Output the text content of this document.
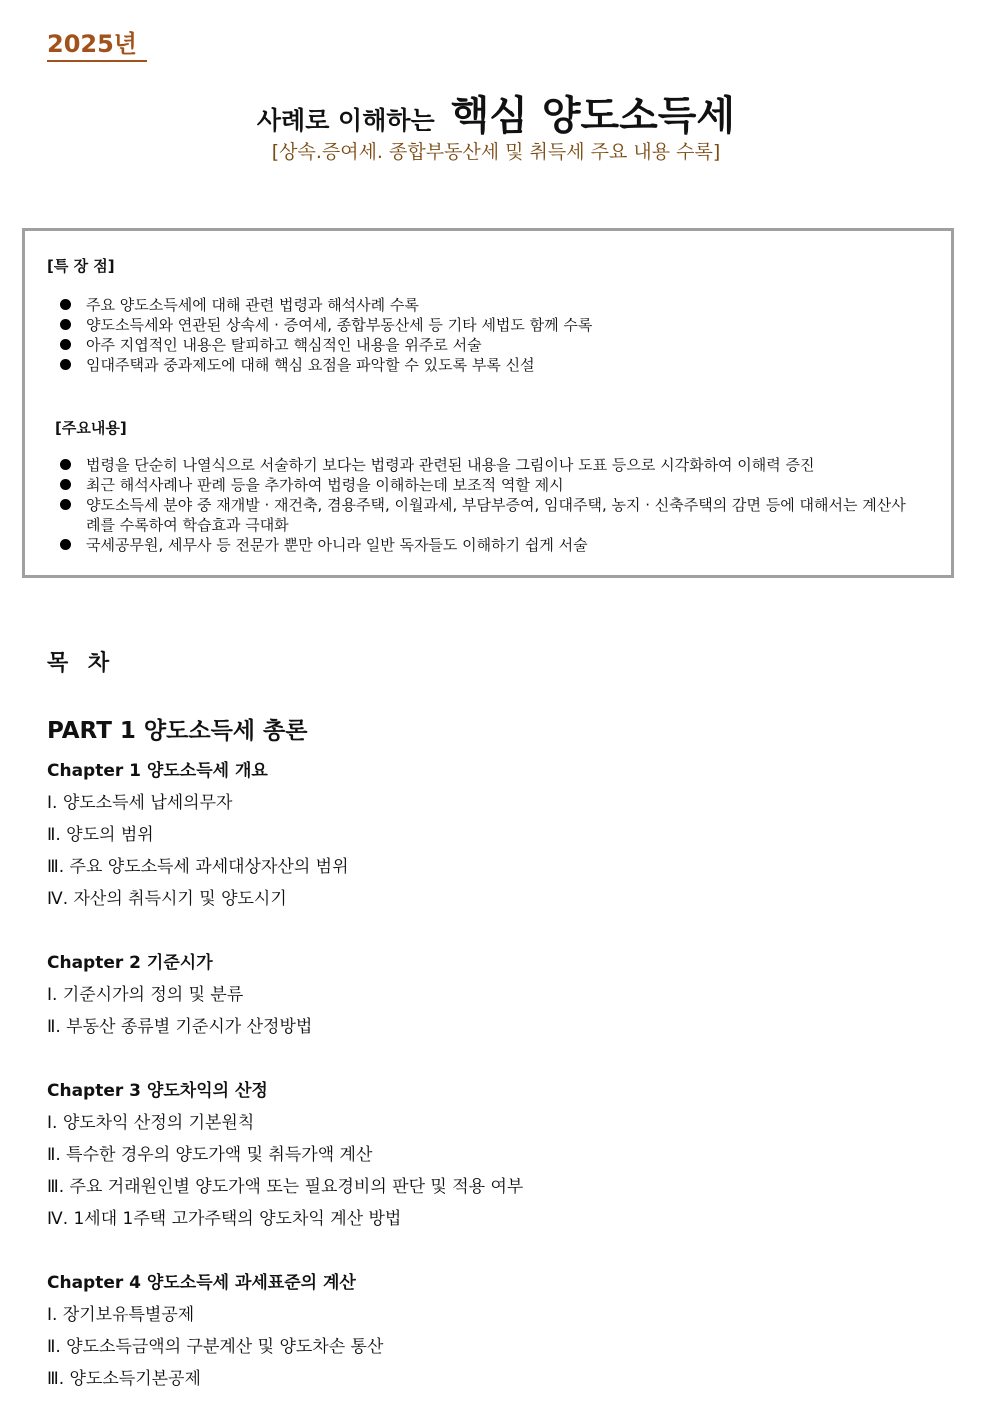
2025년
사례로 이해하는 핵심 양도소득세
[상속.증여세. 종합부동산세 및 취득세 주요 내용 수록]
[특 장 점]
주요 양도소득세에 대해 관련 법령과 해석사례 수록
양도소득세와 연관된 상속세 · 증여세, 종합부동산세 등 기타 세법도 함께 수록
아주 지엽적인 내용은 탈피하고 핵심적인 내용을 위주로 서술
임대주택과 중과제도에 대해 핵심 요점을 파악할 수 있도록 부록 신설
[주요내용]
법령을 단순히 나열식으로 서술하기 보다는 법령과 관련된 내용을 그림이나 도표 등으로 시각화하여 이해력 증진
최근 해석사례나 판례 등을 추가하여 법령을 이해하는데 보조적 역할 제시
양도소득세 분야 중 재개발 · 재건축, 겸용주택, 이월과세, 부담부증여, 임대주택, 농지 · 신축주택의 감면 등에 대해서는 계산사례를 수록하여 학습효과 극대화
국세공무원, 세무사 등 전문가 뿐만 아니라 일반 독자들도 이해하기 쉽게 서술
목 차
PART 1 양도소득세 총론
Chapter 1 양도소득세 개요
Ⅰ. 양도소득세 납세의무자
Ⅱ. 양도의 범위
Ⅲ. 주요 양도소득세 과세대상자산의 범위
Ⅳ. 자산의 취득시기 및 양도시기
Chapter 2 기준시가
Ⅰ. 기준시가의 정의 및 분류
Ⅱ. 부동산 종류별 기준시가 산정방법
Chapter 3 양도차익의 산정
Ⅰ. 양도차익 산정의 기본원칙
Ⅱ. 특수한 경우의 양도가액 및 취득가액 계산
Ⅲ. 주요 거래원인별 양도가액 또는 필요경비의 판단 및 적용 여부
Ⅳ. 1세대 1주택 고가주택의 양도차익 계산 방법
Chapter 4 양도소득세 과세표준의 계산
Ⅰ. 장기보유특별공제
Ⅱ. 양도소득금액의 구분계산 및 양도차손 통산
Ⅲ. 양도소득기본공제
